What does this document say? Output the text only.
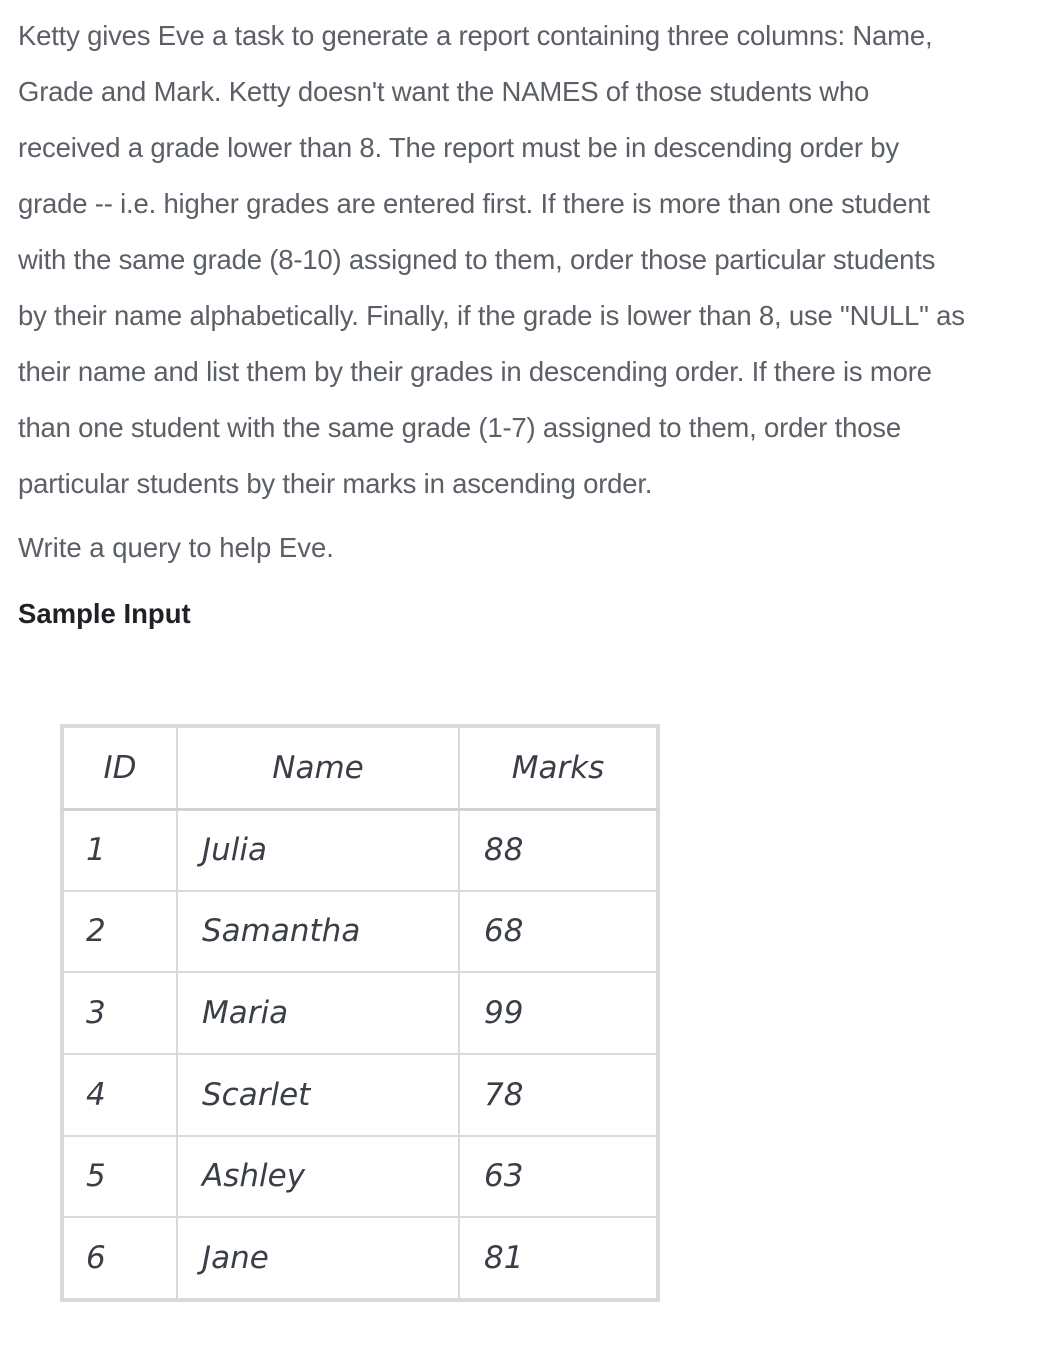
Ketty gives Eve a task to generate a report containing three columns: Name,
Grade and Mark. Ketty doesn't want the NAMES of those students who
received a grade lower than 8. The report must be in descending order by
grade -- i.e. higher grades are entered first. If there is more than one student
with the same grade (8-10) assigned to them, order those particular students
by their name alphabetically. Finally, if the grade is lower than 8, use "NULL" as
their name and list them by their grades in descending order. If there is more
than one student with the same grade (1-7) assigned to them, order those
particular students by their marks in ascending order.

Write a query to help Eve.

Sample Input
ID	Name	Marks
1	Julia	88
2	Samantha	68
3	Maria	99
4	Scarlet	78
5	Ashley	63
6	Jane	81
